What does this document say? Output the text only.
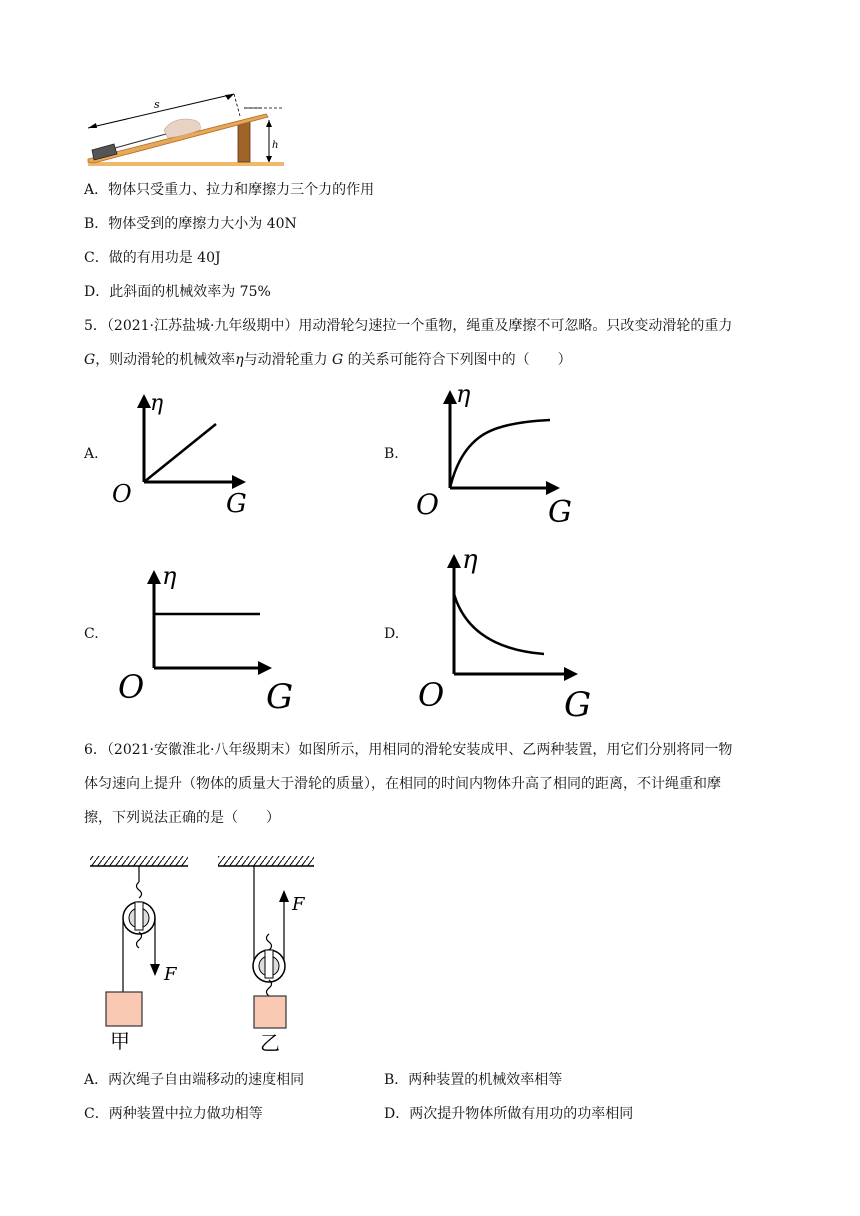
s
h
A．物体只受重力、拉力和摩擦力三个力的作用
B．物体受到的摩擦力大小为 40N
C．做的有用功是 40J
D．此斜面的机械效率为 75%
5．（2021·江苏盐城·九年级期中）用动滑轮匀速拉一个重物，绳重及摩擦不可忽略。只改变动滑轮的重力
G，则动滑轮的机械效率η与动滑轮重力 G 的关系可能符合下列图中的（　　）
A.
η
O	G
B.
η
O	G
C.
η
O	G
D.
η
O	G
6．（2021·安徽淮北·八年级期末）如图所示，用相同的滑轮安装成甲、乙两种装置，用它们分别将同一物
体匀速向上提升（物体的质量大于滑轮的质量），在相同的时间内物体升高了相同的距离，不计绳重和摩
擦，下列说法正确的是（　　）
F
甲
F
乙
A．两次绳子自由端移动的速度相同	B．两种装置的机械效率相等
C．两种装置中拉力做功相等	D．两次提升物体所做有用功的功率相同
